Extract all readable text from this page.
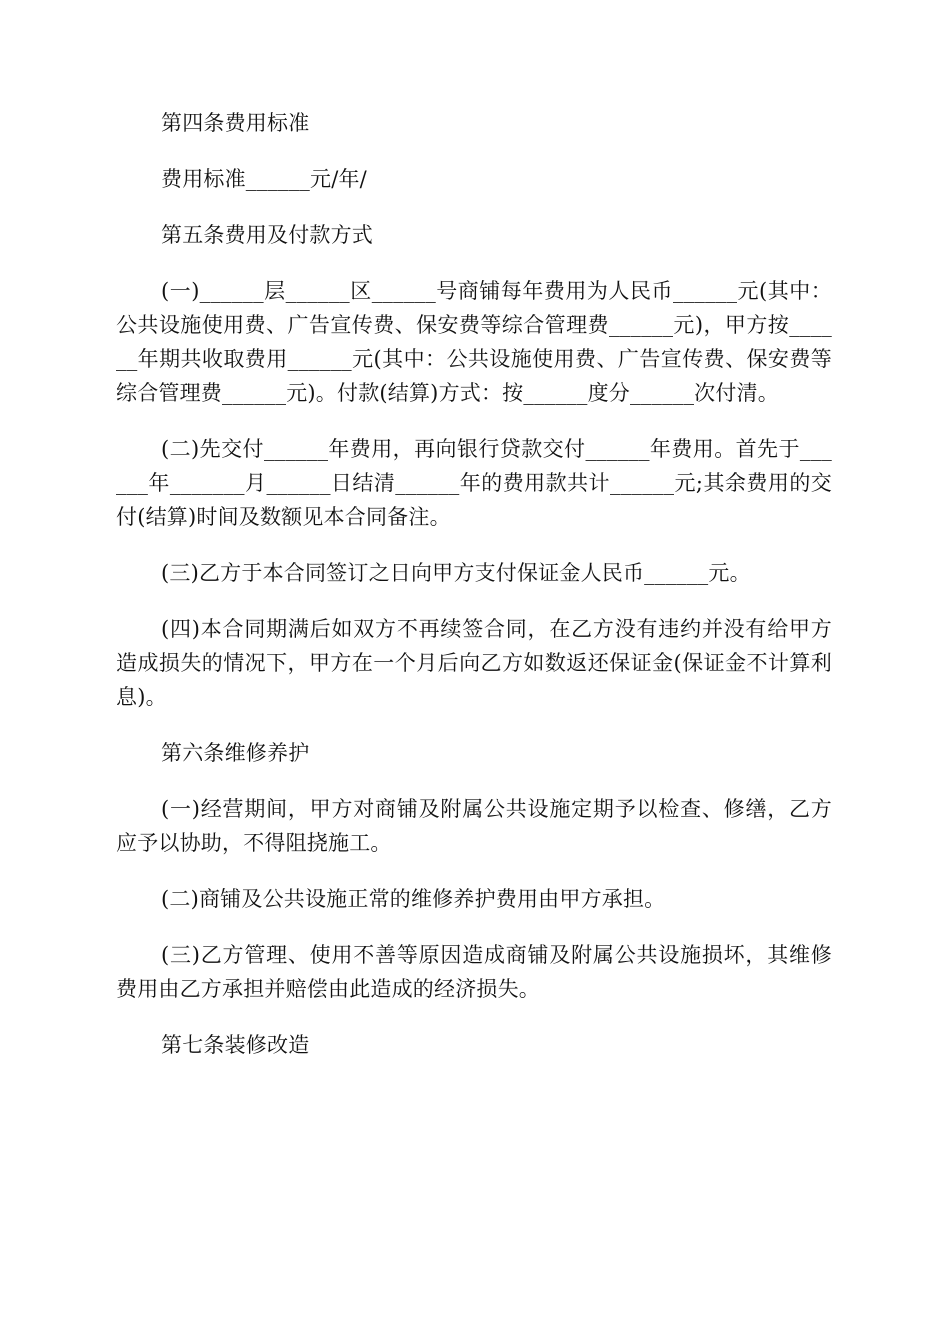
第四条费用标准

费用标准______元/年/

第五条费用及付款方式

(一)______层______区______号商铺每年费用为人民币______元(其中：公共设施使用费、广告宣传费、保安费等综合管理费______元)，甲方按______年期共收取费用______元(其中：公共设施使用费、广告宣传费、保安费等综合管理费______元)。付款(结算)方式：按______度分______次付清。

(二)先交付______年费用，再向银行贷款交付______年费用。首先于______年_______月______日结清______年的费用款共计______元;其余费用的交付(结算)时间及数额见本合同备注。

(三)乙方于本合同签订之日向甲方支付保证金人民币______元。

(四)本合同期满后如双方不再续签合同，在乙方没有违约并没有给甲方造成损失的情况下，甲方在一个月后向乙方如数返还保证金(保证金不计算利息)。

第六条维修养护

(一)经营期间，甲方对商铺及附属公共设施定期予以检查、修缮，乙方应予以协助，不得阻挠施工。

(二)商铺及公共设施正常的维修养护费用由甲方承担。

(三)乙方管理、使用不善等原因造成商铺及附属公共设施损坏，其维修费用由乙方承担并赔偿由此造成的经济损失。

第七条装修改造
